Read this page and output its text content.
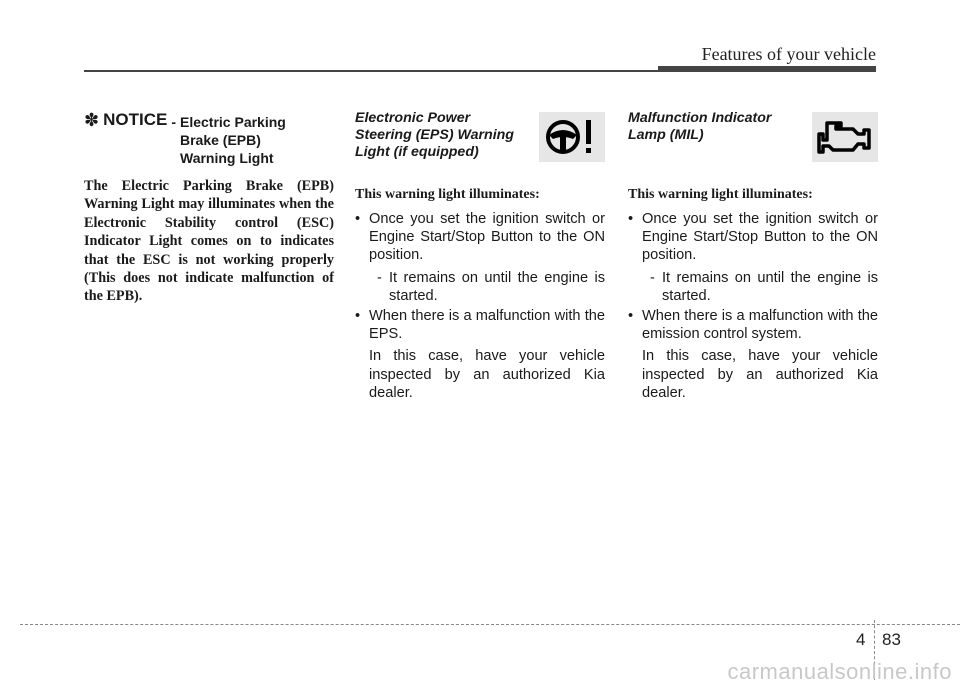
Features of your vehicle
✽ NOTICE - Electric Parking
Brake (EPB)
Warning Light
The Electric Parking Brake (EPB) Warning Light may illuminates when the Electronic Stability control (ESC) Indicator Light comes on to indicates that the ESC is not working properly (This does not indicate malfunction of the EPB).
Electronic Power
Steering (EPS) Warning
Light (if equipped)
This warning light illuminates:
• Once you set the ignition switch or Engine Start/Stop Button to the ON position.
- It remains on until the engine is started.
• When there is a malfunction with the EPS.
In this case, have your vehicle inspected by an authorized Kia dealer.
Malfunction Indicator
Lamp (MIL)
This warning light illuminates:
• Once you set the ignition switch or Engine Start/Stop Button to the ON position.
- It remains on until the engine is started.
• When there is a malfunction with the emission control system.
In this case, have your vehicle inspected by an authorized Kia dealer.
4 83
carmanualsonline.info
